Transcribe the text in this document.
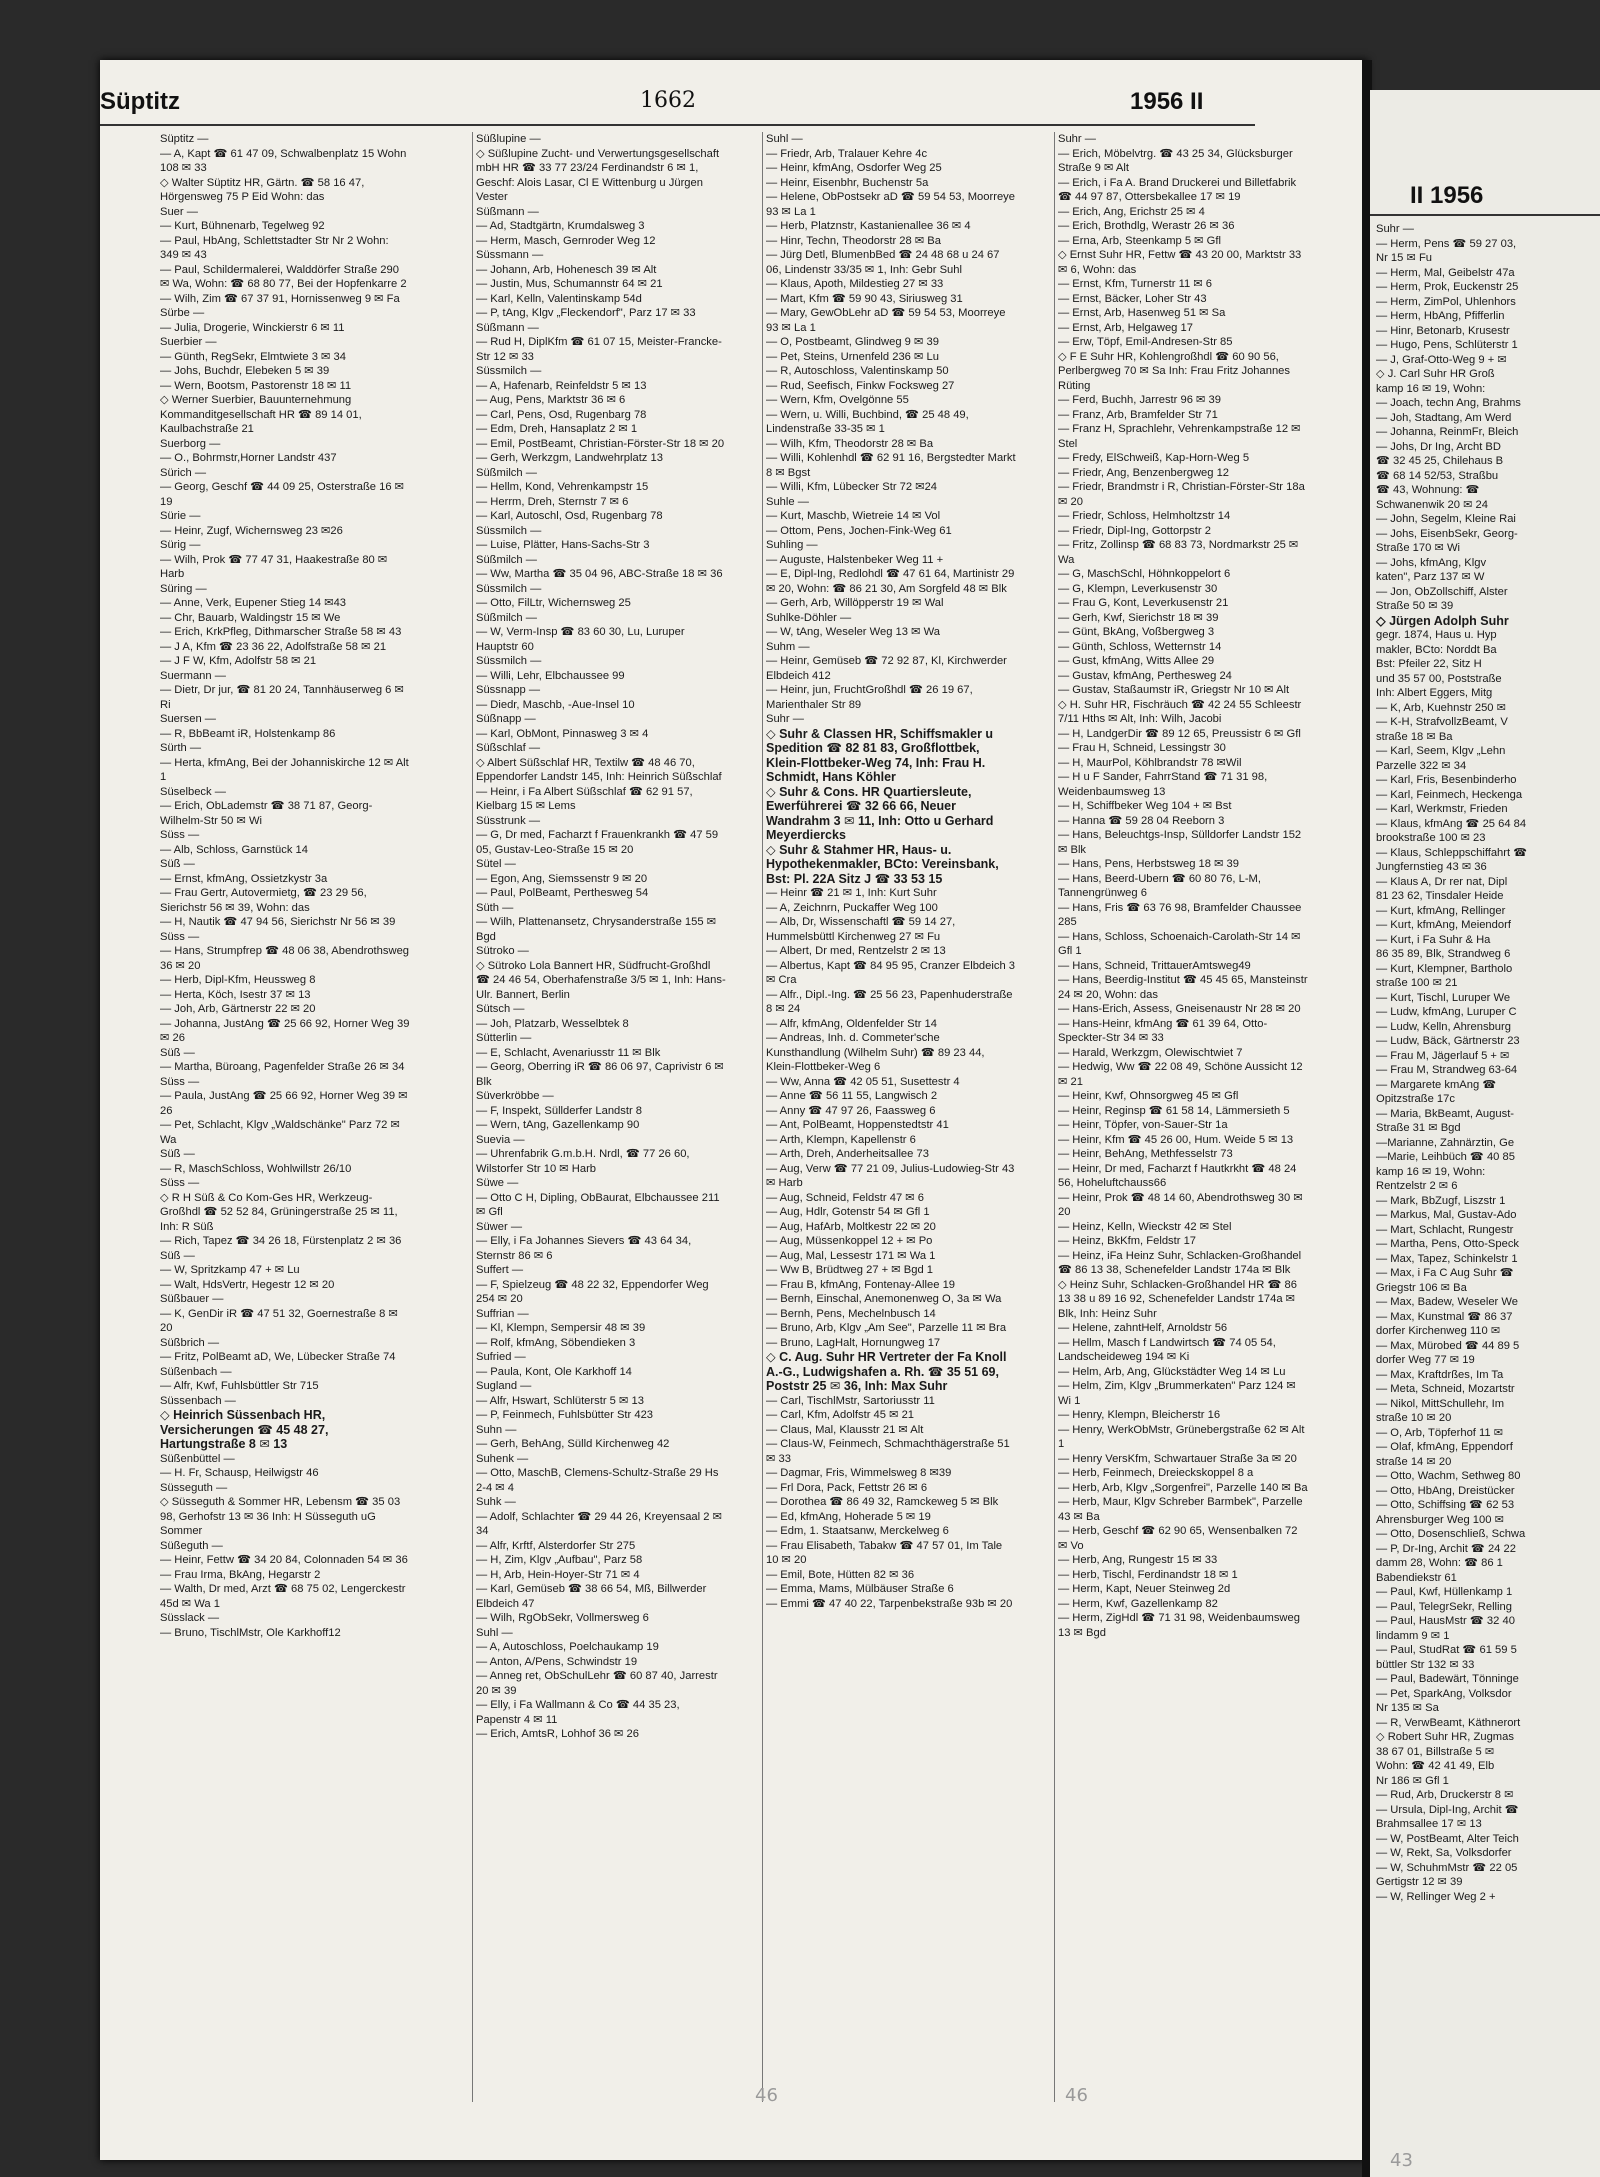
II 1956
Suhr —
— Herm, Pens ☎ 59 27 03,
Nr 15 ✉ Fu
— Herm, Mal, Geibelstr 47a
— Herm, Prok, Euckenstr 25
— Herm, ZimPol, Uhlenhors
— Herm, HbAng, Pfifferlin
— Hinr, Betonarb, Krusestr
— Hugo, Pens, Schlüterstr 1
— J, Graf-Otto-Weg 9 + ✉
◇ J. Carl Suhr HR Groß
kamp 16 ✉ 19, Wohn:
— Joach, techn Ang, Brahms
— Joh, Stadtang, Am Werd
— Johanna, ReinmFr, Bleich
— Johs, Dr Ing, Archt BD
☎ 32 45 25, Chilehaus B
☎ 68 14 52/53, Straßbu
☎ 43, Wohnung: ☎
Schwanenwik 20 ✉ 24
— John, Segelm, Kleine Rai
— Johs, EisenbSekr, Georg-
Straße 170 ✉ Wi
— Johs, kfmAng, Klgv
katen", Parz 137 ✉ W
— Jon, ObZollschiff, Alster
Straße 50 ✉ 39
◇ Jürgen Adolph Suhr
gegr. 1874, Haus u. Hyp
makler, BCto: Norddt Ba
Bst: Pfeiler 22, Sitz H
und 35 57 00, Poststraße
Inh: Albert Eggers, Mitg
— K, Arb, Kuehnstr 250 ✉
— K-H, StrafvollzBeamt, V
straße 18 ✉ Ba
— Karl, Seem, Klgv „Lehn
Parzelle 322 ✉ 34
— Karl, Fris, Besenbinderho
— Karl, Feinmech, Heckenga
— Karl, Werkmstr, Frieden
— Klaus, kfmAng ☎ 25 64 84
brookstraße 100 ✉ 23
— Klaus, Schleppschiffahrt ☎
Jungfernstieg 43 ✉ 36
— Klaus A, Dr rer nat, Dipl
81 23 62, Tinsdaler Heide
— Kurt, kfmAng, Rellinger
— Kurt, kfmAng, Meiendorf
— Kurt, i Fa Suhr & Ha
86 35 89, Blk, Strandweg 6
— Kurt, Klempner, Bartholo
straße 100 ✉ 21
— Kurt, Tischl, Luruper We
— Ludw, kfmAng, Luruper C
— Ludw, Kelln, Ahrensburg
— Ludw, Bäck, Gärtnerstr 23
— Frau M, Jägerlauf 5 + ✉
— Frau M, Strandweg 63-64
— Margarete kmAng ☎
Opitzstraße 17c
— Maria, BkBeamt, August-
Straße 31 ✉ Bgd
—Marianne, Zahnärztin, Ge
—Marie, Leihbüch ☎ 40 85
kamp 16 ✉ 19, Wohn:
Rentzelstr 2 ✉ 6
— Mark, BbZugf, Liszstr 1
— Markus, Mal, Gustav-Ado
— Mart, Schlacht, Rungestr
— Martha, Pens, Otto-Speck
— Max, Tapez, Schinkelstr 1
— Max, i Fa C Aug Suhr ☎
Griegstr 106 ✉ Ba
— Max, Badew, Weseler We
— Max, Kunstmal ☎ 86 37
dorfer Kirchenweg 110 ✉
— Max, Mürobed ☎ 44 89 5
dorfer Weg 77 ✉ 19
— Max, Kraftdrßes, Im Ta
— Meta, Schneid, Mozartstr
— Nikol, MittSchullehr, Im
straße 10 ✉ 20
— O, Arb, Töpferhof 11 ✉
— Olaf, kfmAng, Eppendorf
straße 14 ✉ 20
— Otto, Wachm, Sethweg 80
— Otto, HbAng, Dreistücker
— Otto, Schiffsing ☎ 62 53
Ahrensburger Weg 100 ✉
— Otto, Dosenschließ, Schwa
— P, Dr-Ing, Archit ☎ 24 22
damm 28, Wohn: ☎ 86 1
Babendiekstr 61
— Paul, Kwf, Hüllenkamp 1
— Paul, TelegrSekr, Relling
— Paul, HausMstr ☎ 32 40
lindamm 9 ✉ 1
— Paul, StudRat ☎ 61 59 5
büttler Str 132 ✉ 33
— Paul, Badewärt, Tönninge
— Pet, SparkAng, Volksdor
Nr 135 ✉ Sa
— R, VerwBeamt, Käthnerort
◇ Robert Suhr HR, Zugmas
38 67 01, Billstraße 5 ✉
Wohn: ☎ 42 41 49, Elb
Nr 186 ✉ Gfl 1
— Rud, Arb, Druckerstr 8 ✉
— Ursula, Dipl-Ing, Archit ☎
Brahmsallee 17 ✉ 13
— W, PostBeamt, Alter Teich
— W, Rekt, Sa, Volksdorfer
— W, SchuhmMstr ☎ 22 05
Gertigstr 12 ✉ 39
— W, Rellinger Weg 2 +
43
Süptitz	1662	1956 II
Süptitz —
— A, Kapt ☎ 61 47 09, Schwalbenplatz 15 Wohn 108 ✉ 33
◇ Walter Süptitz HR, Gärtn. ☎ 58 16 47, Hörgensweg 75 P Eid Wohn: das
Suer —
— Kurt, Bühnenarb, Tegelweg 92
— Paul, HbAng, Schlettstadter Str Nr 2 Wohn: 349 ✉ 43
— Paul, Schildermalerei, Walddörfer Straße 290 ✉ Wa, Wohn: ☎ 68 80 77, Bei der Hopfenkarre 2
— Wilh, Zim ☎ 67 37 91, Hornissenweg 9 ✉ Fa
Sürbe —
— Julia, Drogerie, Winckierstr 6 ✉ 11
Suerbier —
— Günth, RegSekr, Elmtwiete 3 ✉ 34
— Johs, Buchdr, Elebeken 5 ✉ 39
— Wern, Bootsm, Pastorenstr 18 ✉ 11
◇ Werner Suerbier, Bauunternehmung Kommanditgesellschaft HR ☎ 89 14 01, Kaulbachstraße 21
Suerborg —
— O., Bohrmstr,Horner Landstr 437
Sürich —
— Georg, Geschf ☎ 44 09 25, Osterstraße 16 ✉ 19
Sürie —
— Heinr, Zugf, Wichernsweg 23 ✉26
Sürig —
— Wilh, Prok ☎ 77 47 31, Haakestraße 80 ✉ Harb
Süring —
— Anne, Verk, Eupener Stieg 14 ✉43
— Chr, Bauarb, Waldingstr 15 ✉ We
— Erich, KrkPfleg, Dithmarscher Straße 58 ✉ 43
— J A, Kfm ☎ 23 36 22, Adolfstraße 58 ✉ 21
— J F W, Kfm, Adolfstr 58 ✉ 21
Suermann —
— Dietr, Dr jur, ☎ 81 20 24, Tannhäuserweg 6 ✉ Ri
Suersen —
— R, BbBeamt iR, Holstenkamp 86
Sürth —
— Herta, kfmAng, Bei der Johanniskirche 12 ✉ Alt 1
Süselbeck —
— Erich, ObLademstr ☎ 38 71 87, Georg-Wilhelm-Str 50 ✉ Wi
Süss —
— Alb, Schloss, Garnstück 14
Süß —
— Ernst, kfmAng, Ossietzkystr 3a
— Frau Gertr, Autovermietg, ☎ 23 29 56, Sierichstr 56 ✉ 39, Wohn: das
— H, Nautik ☎ 47 94 56, Sierichstr Nr 56 ✉ 39
Süss —
— Hans, Strumpfrep ☎ 48 06 38, Abendrothsweg 36 ✉ 20
— Herb, Dipl-Kfm, Heussweg 8
— Herta, Köch, Isestr 37 ✉ 13
— Joh, Arb, Gärtnerstr 22 ✉ 20
— Johanna, JustAng ☎ 25 66 92, Horner Weg 39 ✉ 26
Süß —
— Martha, Büroang, Pagenfelder Straße 26 ✉ 34
Süss —
— Paula, JustAng ☎ 25 66 92, Horner Weg 39 ✉ 26
— Pet, Schlacht, Klgv „Waldschänke" Parz 72 ✉ Wa
Süß —
— R, MaschSchloss, Wohlwillstr 26/10
Süss —
◇ R H Süß & Co Kom-Ges HR, Werkzeug-Großhdl ☎ 52 52 84, Grüningerstraße 25 ✉ 11, Inh: R Süß
— Rich, Tapez ☎ 34 26 18, Fürstenplatz 2 ✉ 36
Süß —
— W, Spritzkamp 47 + ✉ Lu
— Walt, HdsVertr, Hegestr 12 ✉ 20
Süßbauer —
— K, GenDir iR ☎ 47 51 32, Goernestraße 8 ✉ 20
Süßbrich —
— Fritz, PolBeamt aD, We, Lübecker Straße 74
Süßenbach —
— Alfr, Kwf, Fuhlsbüttler Str 715
Süssenbach —
◇ Heinrich Süssenbach HR, Versicherungen ☎ 45 48 27, Hartungstraße 8 ✉ 13
Süßenbüttel —
— H. Fr, Schausp, Heilwigstr 46
Süsseguth —
◇ Süsseguth & Sommer HR, Lebensm ☎ 35 03 98, Gerhofstr 13 ✉ 36 Inh: H Süsseguth uG Sommer
Süßeguth —
— Heinr, Fettw ☎ 34 20 84, Colonnaden 54 ✉ 36
— Frau Irma, BkAng, Hegarstr 2
— Walth, Dr med, Arzt ☎ 68 75 02, Lengerckestr 45d ✉ Wa 1
Süsslack —
— Bruno, TischlMstr, Ole Karkhoff12
Süßlupine —
◇ Süßlupine Zucht- und Verwertungsgesellschaft mbH HR ☎ 33 77 23/24 Ferdinandstr 6 ✉ 1, Geschf: Alois Lasar, Cl E Wittenburg u Jürgen Vester
Süßmann —
— Ad, Stadtgärtn, Krumdalsweg 3
— Herm, Masch, Gernroder Weg 12
Süssmann —
— Johann, Arb, Hohenesch 39 ✉ Alt
— Justin, Mus, Schumannstr 64 ✉ 21
— Karl, Kelln, Valentinskamp 54d
— P, tAng, Klgv „Fleckendorf", Parz 17 ✉ 33
Süßmann —
— Rud H, DiplKfm ☎ 61 07 15, Meister-Francke-Str 12 ✉ 33
Süssmilch —
— A, Hafenarb, Reinfeldstr 5 ✉ 13
— Aug, Pens, Marktstr 36 ✉ 6
— Carl, Pens, Osd, Rugenbarg 78
— Edm, Dreh, Hansaplatz 2 ✉ 1
— Emil, PostBeamt, Christian-Förster-Str 18 ✉ 20
— Gerh, Werkzgm, Landwehrplatz 13
Süßmilch —
— Hellm, Kond, Vehrenkampstr 15
— Herrm, Dreh, Sternstr 7 ✉ 6
— Karl, Autoschl, Osd, Rugenbarg 78
Süssmilch —
— Luise, Plätter, Hans-Sachs-Str 3
Süßmilch —
— Ww, Martha ☎ 35 04 96, ABC-Straße 18 ✉ 36
Süssmilch —
— Otto, FilLtr, Wichernsweg 25
Süßmilch —
— W, Verm-Insp ☎ 83 60 30, Lu, Luruper Hauptstr 60
Süssmilch —
— Willi, Lehr, Elbchaussee 99
Süssnapp —
— Diedr, Maschb, -Aue-Insel 10
Süßnapp —
— Karl, ObMont, Pinnasweg 3 ✉ 4
Süßschlaf —
◇ Albert Süßschlaf HR, Textilw ☎ 48 46 70, Eppendorfer Landstr 145, Inh: Heinrich Süßschlaf
— Heinr, i Fa Albert Süßschlaf ☎ 62 91 57, Kielbarg 15 ✉ Lems
Süsstrunk —
— G, Dr med, Facharzt f Frauenkrankh ☎ 47 59 05, Gustav-Leo-Straße 15 ✉ 20
Sütel —
— Egon, Ang, Siemssenstr 9 ✉ 20
— Paul, PolBeamt, Perthesweg 54
Süth —
— Wilh, Plattenansetz, Chrysanderstraße 155 ✉ Bgd
Sütroko —
◇ Sütroko Lola Bannert HR, Südfrucht-Großhdl ☎ 24 46 54, Oberhafenstraße 3/5 ✉ 1, Inh: Hans-Ulr. Bannert, Berlin
Sütsch —
— Joh, Platzarb, Wesselbtek 8
Sütterlin —
— E, Schlacht, Avenariusstr 11 ✉ Blk
— Georg, Oberring iR ☎ 86 06 97, Caprivistr 6 ✉ Blk
Süverkröbbe —
— F, Inspekt, Süllderfer Landstr 8
— Wern, tAng, Gazellenkamp 90
Suevia —
— Uhrenfabrik G.m.b.H. Nrdl, ☎ 77 26 60, Wilstorfer Str 10 ✉ Harb
Süwe —
— Otto C H, Dipling, ObBaurat, Elbchaussee 211 ✉ Gfl
Süwer —
— Elly, i Fa Johannes Sievers ☎ 43 64 34, Sternstr 86 ✉ 6
Suffert —
— F, Spielzeug ☎ 48 22 32, Eppendorfer Weg 254 ✉ 20
Suffrian —
— Kl, Klempn, Sempersir 48 ✉ 39
— Rolf, kfmAng, Söbendieken 3
Sufried —
— Paula, Kont, Ole Karkhoff 14
Sugland —
— Alfr, Hswart, Schlüterstr 5 ✉ 13
— P, Feinmech, Fuhlsbütter Str 423
Suhn —
— Gerh, BehAng, Sülld Kirchenweg 42
Suhenk —
— Otto, MaschB, Clemens-Schultz-Straße 29 Hs 2-4 ✉ 4
Suhk —
— Adolf, Schlachter ☎ 29 44 26, Kreyensaal 2 ✉ 34
— Alfr, Krftf, Alsterdorfer Str 275
— H, Zim, Klgv „Aufbau", Parz 58
— H, Arb, Hein-Hoyer-Str 71 ✉ 4
— Karl, Gemüseb ☎ 38 66 54, Mß, Billwerder Elbdeich 47
— Wilh, RgObSekr, Vollmersweg 6
Suhl —
— A, Autoschloss, Poelchaukamp 19
— Anton, A/Pens, Schwindstr 19
— Anneg ret, ObSchulLehr ☎ 60 87 40, Jarrestr 20 ✉ 39
— Elly, i Fa Wallmann & Co ☎ 44 35 23, Papenstr 4 ✉ 11
— Erich, AmtsR, Lohhof 36 ✉ 26
Suhl —
— Friedr, Arb, Tralauer Kehre 4c
— Heinr, kfmAng, Osdorfer Weg 25
— Heinr, Eisenbhr, Buchenstr 5a
— Helene, ObPostsekr aD ☎ 59 54 53, Moorreye 93 ✉ La 1
— Herb, Platznstr, Kastanienallee 36 ✉ 4
— Hinr, Techn, Theodorstr 28 ✉ Ba
— Jürg Detl, BlumenbBed ☎ 24 48 68 u 24 67 06, Lindenstr 33/35 ✉ 1, Inh: Gebr Suhl
— Klaus, Apoth, Mildestieg 27 ✉ 33
— Mart, Kfm ☎ 59 90 43, Siriusweg 31
— Mary, GewObLehr aD ☎ 59 54 53, Moorreye 93 ✉ La 1
— O, Postbeamt, Glindweg 9 ✉ 39
— Pet, Steins, Urnenfeld 236 ✉ Lu
— R, Autoschloss, Valentinskamp 50
— Rud, Seefisch, Finkw Focksweg 27
— Wern, Kfm, Ovelgönne 55
— Wern, u. Willi, Buchbind, ☎ 25 48 49, Lindenstraße 33-35 ✉ 1
— Wilh, Kfm, Theodorstr 28 ✉ Ba
— Willi, Kohlenhdl ☎ 62 91 16, Bergstedter Markt 8 ✉ Bgst
— Willi, Kfm, Lübecker Str 72 ✉24
Suhle —
— Kurt, Maschb, Wietreie 14 ✉ Vol
— Ottom, Pens, Jochen-Fink-Weg 61
Suhling —
— Auguste, Halstenbeker Weg 11 +
— E, Dipl-Ing, Redlohdl ☎ 47 61 64, Martinistr 29 ✉ 20, Wohn: ☎ 86 21 30, Am Sorgfeld 48 ✉ Blk
— Gerh, Arb, Willöpperstr 19 ✉ Wal
Suhlke-Döhler —
— W, tAng, Weseler Weg 13 ✉ Wa
Suhm —
— Heinr, Gemüseb ☎ 72 92 87, Kl, Kirchwerder Elbdeich 412
— Heinr, jun, FruchtGroßhdl ☎ 26 19 67, Marienthaler Str 89
Suhr —
◇ Suhr & Classen HR, Schiffsmakler u Spedition ☎ 82 81 83, Großflottbek, Klein-Flottbeker-Weg 74, Inh: Frau H. Schmidt, Hans Köhler
◇ Suhr & Cons. HR Quartiersleute, Ewerführerei ☎ 32 66 66, Neuer Wandrahm 3 ✉ 11, Inh: Otto u Gerhard Meyerdiercks
◇ Suhr & Stahmer HR, Haus- u. Hypothekenmakler, BCto: Vereinsbank, Bst: Pl. 22A Sitz J ☎ 33 53 15
— Heinr ☎ 21 ✉ 1, Inh: Kurt Suhr
— A, Zeichnrn, Puckaffer Weg 100
— Alb, Dr, Wissenschaftl ☎ 59 14 27, Hummelsbüttl Kirchenweg 27 ✉ Fu
— Albert, Dr med, Rentzelstr 2 ✉ 13
— Albertus, Kapt ☎ 84 95 95, Cranzer Elbdeich 3 ✉ Cra
— Alfr., Dipl.-Ing. ☎ 25 56 23, Papenhuderstraße 8 ✉ 24
— Alfr, kfmAng, Oldenfelder Str 14
— Andreas, Inh. d. Commeter'sche Kunsthandlung (Wilhelm Suhr) ☎ 89 23 44, Klein-Flottbeker-Weg 6
— Ww, Anna ☎ 42 05 51, Susettestr 4
— Anne ☎ 56 11 55, Langwisch 2
— Anny ☎ 47 97 26, Faassweg 6
— Ant, PolBeamt, Hoppenstedtstr 41
— Arth, Klempn, Kapellenstr 6
— Arth, Dreh, Anderheitsallee 73
— Aug, Verw ☎ 77 21 09, Julius-Ludowieg-Str 43 ✉ Harb
— Aug, Schneid, Feldstr 47 ✉ 6
— Aug, Hdlr, Gotenstr 54 ✉ Gfl 1
— Aug, HafArb, Moltkestr 22 ✉ 20
— Aug, Müssenkoppel 12 + ✉ Po
— Aug, Mal, Lessestr 171 ✉ Wa 1
— Ww B, Brüdtweg 27 + ✉ Bgd 1
— Frau B, kfmAng, Fontenay-Allee 19
— Bernh, Einschal, Anemonenweg O, 3a ✉ Wa
— Bernh, Pens, Mechelnbusch 14
— Bruno, Arb, Klgv „Am See", Parzelle 11 ✉ Bra
— Bruno, LagHalt, Hornungweg 17
◇ C. Aug. Suhr HR Vertreter der Fa Knoll A.-G., Ludwigshafen a. Rh. ☎ 35 51 69, Poststr 25 ✉ 36, Inh: Max Suhr
— Carl, TischlMstr, Sartoriusstr 11
— Carl, Kfm, Adolfstr 45 ✉ 21
— Claus, Mal, Klausstr 21 ✉ Alt
— Claus-W, Feinmech, Schmachthägerstraße 51 ✉ 33
— Dagmar, Fris, Wimmelsweg 8 ✉39
— Frl Dora, Pack, Fettstr 26 ✉ 6
— Dorothea ☎ 86 49 32, Ramckeweg 5 ✉ Blk
— Ed, kfmAng, Hoherade 5 ✉ 19
— Edm, 1. Staatsanw, Merckelweg 6
— Frau Elisabeth, Tabakw ☎ 47 57 01, Im Tale 10 ✉ 20
— Emil, Bote, Hütten 82 ✉ 36
— Emma, Mams, Mülbäuser Straße 6
— Emmi ☎ 47 40 22, Tarpenbekstraße 93b ✉ 20
Suhr —
— Erich, Möbelvtrg. ☎ 43 25 34, Glücksburger Straße 9 ✉ Alt
— Erich, i Fa A. Brand Druckerei und Billetfabrik ☎ 44 97 87, Ottersbekallee 17 ✉ 19
— Erich, Ang, Erichstr 25 ✉ 4
— Erich, Brothdlg, Werastr 26 ✉ 36
— Erna, Arb, Steenkamp 5 ✉ Gfl
◇ Ernst Suhr HR, Fettw ☎ 43 20 00, Marktstr 33 ✉ 6, Wohn: das
— Ernst, Kfm, Turnerstr 11 ✉ 6
— Ernst, Bäcker, Loher Str 43
— Ernst, Arb, Hasenweg 51 ✉ Sa
— Ernst, Arb, Helgaweg 17
— Erw, Töpf, Emil-Andresen-Str 85
◇ F E Suhr HR, Kohlengroßhdl ☎ 60 90 56, Perlbergweg 70 ✉ Sa Inh: Frau Fritz Johannes Rüting
— Ferd, Buchh, Jarrestr 96 ✉ 39
— Franz, Arb, Bramfelder Str 71
— Franz H, Sprachlehr, Vehrenkampstraße 12 ✉ Stel
— Fredy, ElSchweiß, Kap-Horn-Weg 5
— Friedr, Ang, Benzenbergweg 12
— Friedr, Brandmstr i R, Christian-Förster-Str 18a ✉ 20
— Friedr, Schloss, Helmholtzstr 14
— Friedr, Dipl-Ing, Gottorpstr 2
— Fritz, Zollinsp ☎ 68 83 73, Nordmarkstr 25 ✉ Wa
— G, MaschSchl, Höhnkoppelort 6
— G, Klempn, Leverkusenstr 30
— Frau G, Kont, Leverkusenstr 21
— Gerh, Kwf, Sierichstr 18 ✉ 39
— Günt, BkAng, Voßbergweg 3
— Günth, Schloss, Wetternstr 14
— Gust, kfmAng, Witts Allee 29
— Gustav, kfmAng, Perthesweg 24
— Gustav, Staßaumstr iR, Griegstr Nr 10 ✉ Alt
◇ H. Suhr HR, Fischräuch ☎ 42 24 55 Schleestr 7/11 Hths ✉ Alt, Inh: Wilh, Jacobi
— H, LandgerDir ☎ 89 12 65, Preussistr 6 ✉ Gfl
— Frau H, Schneid, Lessingstr 30
— H, MaurPol, Köhlbrandstr 78 ✉Wil
— H u F Sander, FahrrStand ☎ 71 31 98, Weidenbaumsweg 13
— H, Schiffbeker Weg 104 + ✉ Bst
— Hanna ☎ 59 28 04 Reeborn 3
— Hans, Beleuchtgs-Insp, Sülldorfer Landstr 152 ✉ Blk
— Hans, Pens, Herbstsweg 18 ✉ 39
— Hans, Beerd-Ubern ☎ 60 80 76, L-M, Tannengrünweg 6
— Hans, Fris ☎ 63 76 98, Bramfelder Chaussee 285
— Hans, Schloss, Schoenaich-Carolath-Str 14 ✉ Gfl 1
— Hans, Schneid, TrittauerAmtsweg49
— Hans, Beerdig-Institut ☎ 45 45 65, Mansteinstr 24 ✉ 20, Wohn: das
— Hans-Erich, Assess, Gneisenaustr Nr 28 ✉ 20
— Hans-Heinr, kfmAng ☎ 61 39 64, Otto-Speckter-Str 34 ✉ 33
— Harald, Werkzgm, Olewischtwiet 7
— Hedwig, Ww ☎ 22 08 49, Schöne Aussicht 12 ✉ 21
— Heinr, Kwf, Ohnsorgweg 45 ✉ Gfl
— Heinr, Reginsp ☎ 61 58 14, Lämmersieth 5
— Heinr, Töpfer, von-Sauer-Str 1a
— Heinr, Kfm ☎ 45 26 00, Hum. Weide 5 ✉ 13
— Heinr, BehAng, Methfesselstr 73
— Heinr, Dr med, Facharzt f Hautkrkht ☎ 48 24 56, Hoheluftchauss66
— Heinr, Prok ☎ 48 14 60, Abendrothsweg 30 ✉ 20
— Heinz, Kelln, Wieckstr 42 ✉ Stel
— Heinz, BkKfm, Feldstr 17
— Heinz, iFa Heinz Suhr, Schlacken-Großhandel ☎ 86 13 38, Schenefelder Landstr 174a ✉ Blk
◇ Heinz Suhr, Schlacken-Großhandel HR ☎ 86 13 38 u 89 16 92, Schenefelder Landstr 174a ✉ Blk, Inh: Heinz Suhr
— Helene, zahntHelf, Arnoldstr 56
— Hellm, Masch f Landwirtsch ☎ 74 05 54, Landscheideweg 194 ✉ Ki
— Helm, Arb, Ang, Glückstädter Weg 14 ✉ Lu
— Helm, Zim, Klgv „Brummerkaten" Parz 124 ✉ Wi 1
— Henry, Klempn, Bleicherstr 16
— Henry, WerkObMstr, Grünebergstraße 62 ✉ Alt 1
— Henry VersKfm, Schwartauer Straße 3a ✉ 20
— Herb, Feinmech, Dreieckskoppel 8 a
— Herb, Arb, Klgv „Sorgenfrei", Parzelle 140 ✉ Ba
— Herb, Maur, Klgv Schreber Barmbek", Parzelle 43 ✉ Ba
— Herb, Geschf ☎ 62 90 65, Wensenbalken 72 ✉ Vo
— Herb, Ang, Rungestr 15 ✉ 33
— Herb, Tischl, Ferdinandstr 18 ✉ 1
— Herm, Kapt, Neuer Steinweg 2d
— Herm, Kwf, Gazellenkamp 82
— Herm, ZigHdl ☎ 71 31 98, Weidenbaumsweg 13 ✉ Bgd
46	46
